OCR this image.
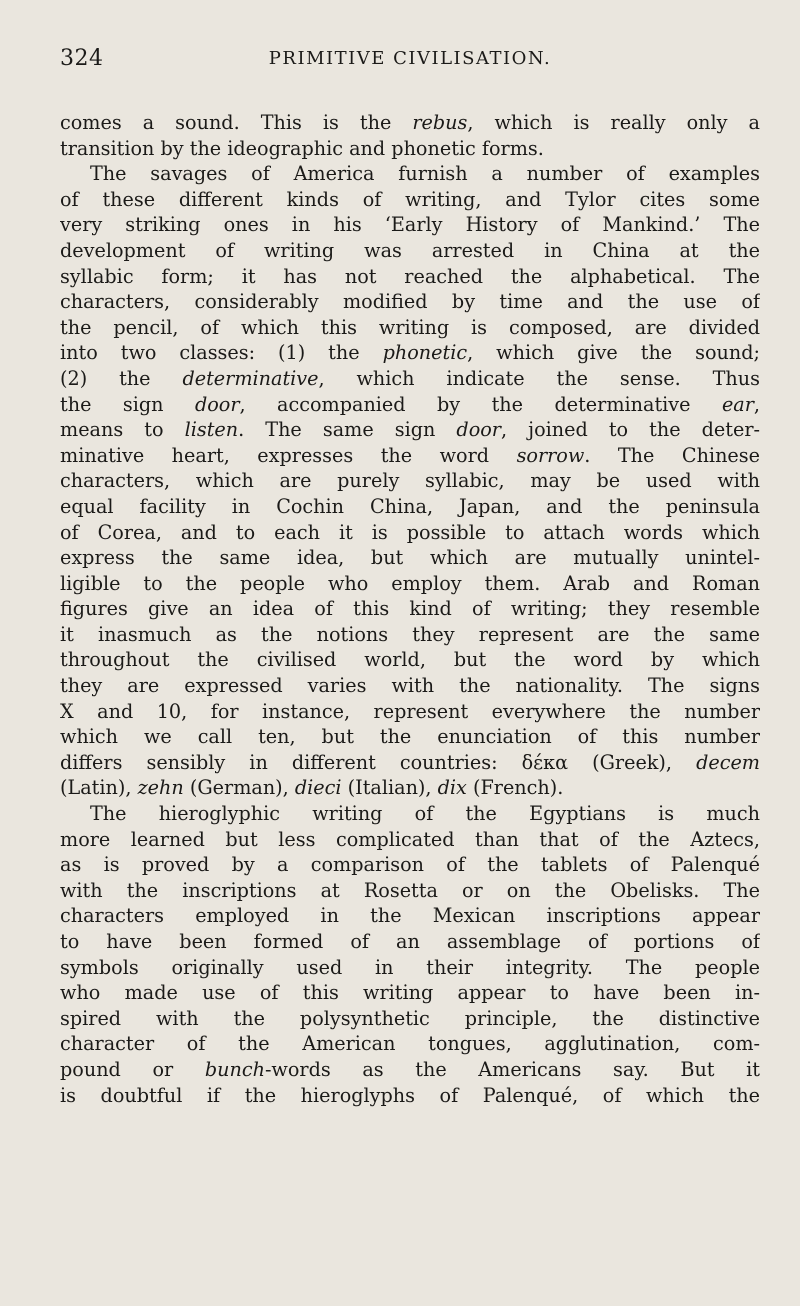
324	PRIMITIVE CIVILISATION.
comes a sound. This is the rebus, which is really only a
transition by the ideographic and phonetic forms.
The savages of America furnish a number of examples
of these different kinds of writing, and Tylor cites some
very striking ones in his ‘Early History of Mankind.’ The
development of writing was arrested in China at the
syllabic form; it has not reached the alphabetical. The
characters, considerably modified by time and the use of
the pencil, of which this writing is composed, are divided
into two classes: (1) the phonetic, which give the sound;
(2) the determinative, which indicate the sense. Thus
the sign door, accompanied by the determinative ear,
means to listen. The same sign door, joined to the deter-
minative heart, expresses the word sorrow. The Chinese
characters, which are purely syllabic, may be used with
equal facility in Cochin China, Japan, and the peninsula
of Corea, and to each it is possible to attach words which
express the same idea, but which are mutually unintel-
ligible to the people who employ them. Arab and Roman
figures give an idea of this kind of writing; they resemble
it inasmuch as the notions they represent are the same
throughout the civilised world, but the word by which
they are expressed varies with the nationality. The signs
X and 10, for instance, represent everywhere the number
which we call ten, but the enunciation of this number
differs sensibly in different countries: δέκα (Greek), decem
(Latin), zehn (German), dieci (Italian), dix (French).
The hieroglyphic writing of the Egyptians is much
more learned but less complicated than that of the Aztecs,
as is proved by a comparison of the tablets of Palenqué
with the inscriptions at Rosetta or on the Obelisks. The
characters employed in the Mexican inscriptions appear
to have been formed of an assemblage of portions of
symbols originally used in their integrity. The people
who made use of this writing appear to have been in-
spired with the polysynthetic principle, the distinctive
character of the American tongues, agglutination, com-
pound or bunch-words as the Americans say. But it
is doubtful if the hieroglyphs of Palenqué, of which the
